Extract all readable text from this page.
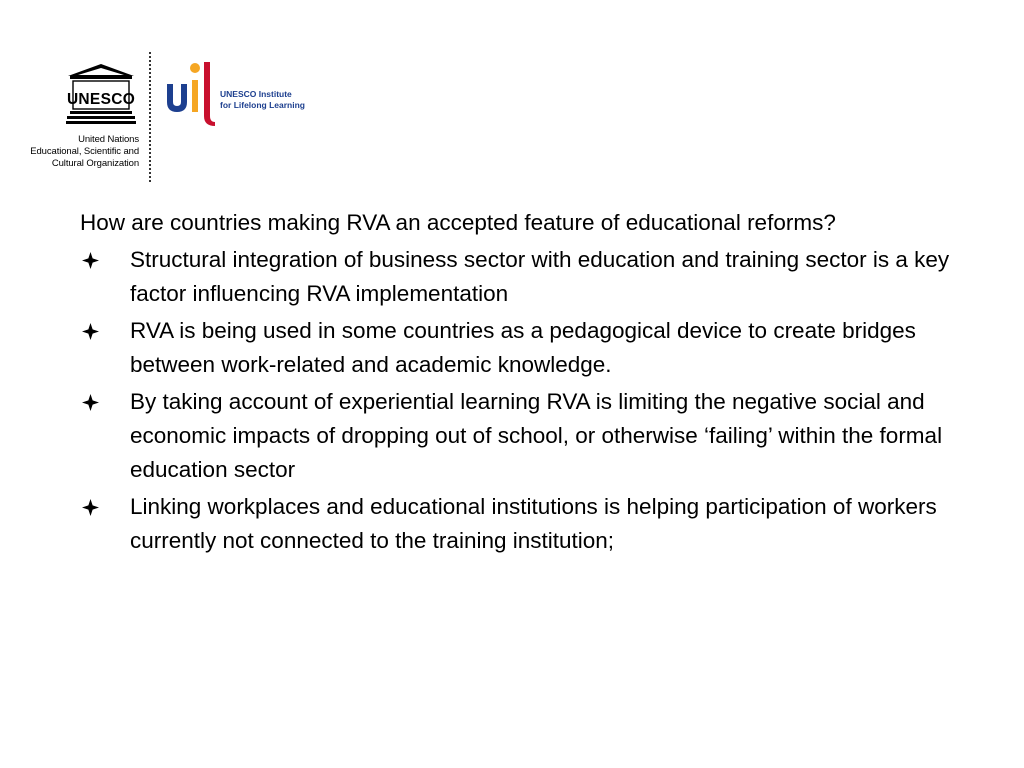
UNESCO
United Nations
Educational, Scientific and
Cultural Organization
uil
UNESCO Institute
for Lifelong Learning

How are countries making RVA an accepted feature of educational reforms?

Structural integration of business sector with education and training sector is a key factor influencing RVA implementation
RVA is being used in some countries as a pedagogical device to create bridges between work-related and academic knowledge.
By taking account of experiential learning RVA is limiting the negative social and economic impacts of dropping out of school, or otherwise ‘failing’ within the formal education sector
Linking workplaces and educational institutions is helping participation of workers currently not connected to the training institution;
